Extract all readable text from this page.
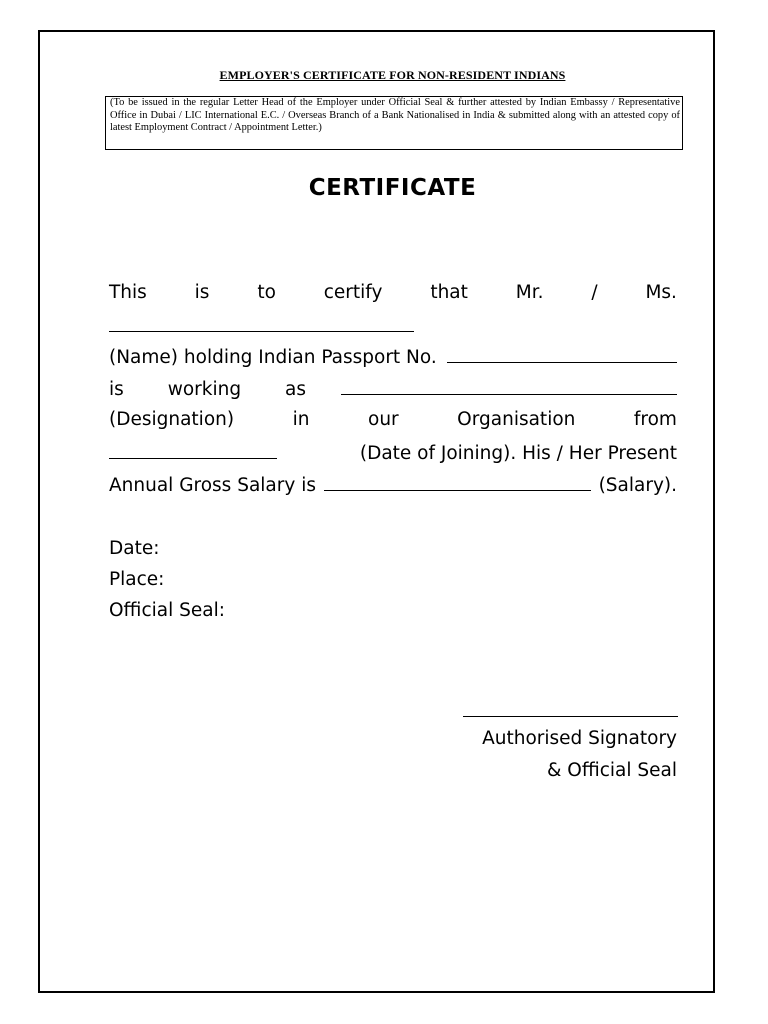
EMPLOYER'S CERTIFICATE FOR NON-RESIDENT INDIANS
(To be issued in the regular Letter Head of the Employer under Official Seal & further attested by Indian Embassy / Representative Office in Dubai / LIC International E.C. / Overseas Branch of a Bank Nationalised in India & submitted along with an attested copy of latest Employment Contract / Appointment Letter.)
CERTIFICATE
This	is	to	certify	that	Mr.	/	Ms.
(Name) holding Indian Passport No.
is working as
(Designation)	in	our	Organisation	from
(Date of Joining). His / Her Present
Annual Gross Salary is	(Salary).
Date:
Place:
Official Seal:
Authorised Signatory
& Official Seal
